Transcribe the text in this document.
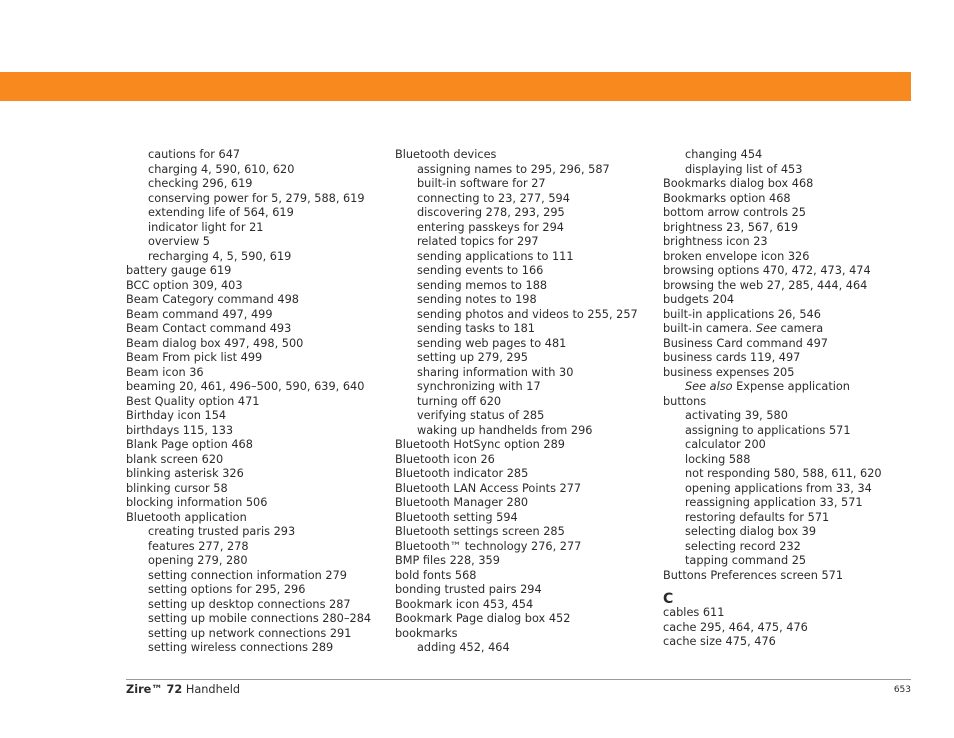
cautions for 647
charging 4, 590, 610, 620
checking 296, 619
conserving power for 5, 279, 588, 619
extending life of 564, 619
indicator light for 21
overview 5
recharging 4, 5, 590, 619
battery gauge 619
BCC option 309, 403
Beam Category command 498
Beam command 497, 499
Beam Contact command 493
Beam dialog box 497, 498, 500
Beam From pick list 499
Beam icon 36
beaming 20, 461, 496–500, 590, 639, 640
Best Quality option 471
Birthday icon 154
birthdays 115, 133
Blank Page option 468
blank screen 620
blinking asterisk 326
blinking cursor 58
blocking information 506
Bluetooth application
creating trusted paris 293
features 277, 278
opening 279, 280
setting connection information 279
setting options for 295, 296
setting up desktop connections 287
setting up mobile connections 280–284
setting up network connections 291
setting wireless connections 289
Bluetooth devices
assigning names to 295, 296, 587
built-in software for 27
connecting to 23, 277, 594
discovering 278, 293, 295
entering passkeys for 294
related topics for 297
sending applications to 111
sending events to 166
sending memos to 188
sending notes to 198
sending photos and videos to 255, 257
sending tasks to 181
sending web pages to 481
setting up 279, 295
sharing information with 30
synchronizing with 17
turning off 620
verifying status of 285
waking up handhelds from 296
Bluetooth HotSync option 289
Bluetooth icon 26
Bluetooth indicator 285
Bluetooth LAN Access Points 277
Bluetooth Manager 280
Bluetooth setting 594
Bluetooth settings screen 285
Bluetooth™ technology 276, 277
BMP files 228, 359
bold fonts 568
bonding trusted pairs 294
Bookmark icon 453, 454
Bookmark Page dialog box 452
bookmarks
adding 452, 464
changing 454
displaying list of 453
Bookmarks dialog box 468
Bookmarks option 468
bottom arrow controls 25
brightness 23, 567, 619
brightness icon 23
broken envelope icon 326
browsing options 470, 472, 473, 474
browsing the web 27, 285, 444, 464
budgets 204
built-in applications 26, 546
built-in camera. See camera
Business Card command 497
business cards 119, 497
business expenses 205
See also Expense application
buttons
activating 39, 580
assigning to applications 571
calculator 200
locking 588
not responding 580, 588, 611, 620
opening applications from 33, 34
reassigning application 33, 571
restoring defaults for 571
selecting dialog box 39
selecting record 232
tapping command 25
Buttons Preferences screen 571
C
cables 611
cache 295, 464, 475, 476
cache size 475, 476
Zire™ 72 Handheld	653
